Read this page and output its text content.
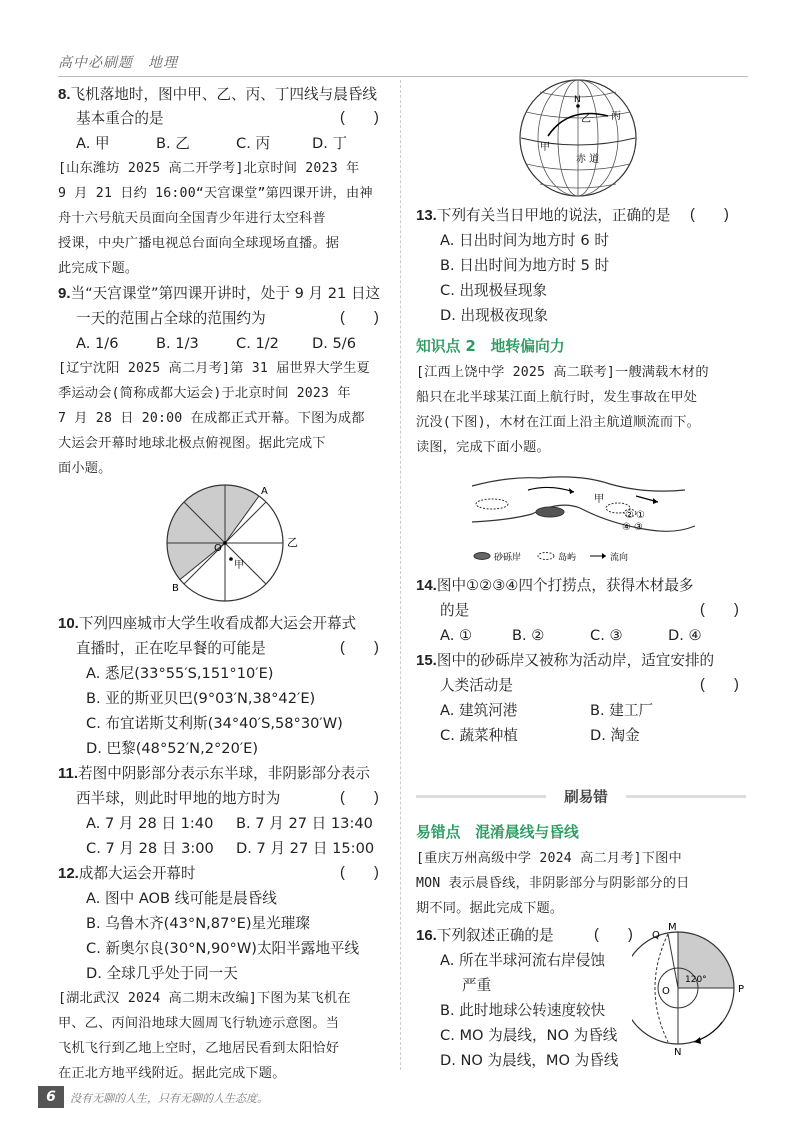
高中必刷题　地理
8.飞机落地时，图中甲、乙、丙、丁四线与晨昏线
基本重合的是	(　　)
A. 甲	B. 乙	C. 丙	D. 丁
[山东潍坊 2025 高二开学考]北京时间 2023 年
9 月 21 日约 16:00“天宫课堂”第四课开讲，由神
舟十六号航天员面向全国青少年进行太空科普
授课，中央广播电视总台面向全球现场直播。据
此完成下题。
9.当“天宫课堂”第四课开讲时，处于 9 月 21 日这
一天的范围占全球的范围约为	(　　)
A. 1/6	B. 1/3	C. 1/2 D. 5/6
[辽宁沈阳 2025 高二月考]第 31 届世界大学生夏
季运动会(简称成都大运会)于北京时间 2023 年
7 月 28 日 20:00 在成都正式开幕。下图为成都
大运会开幕时地球北极点俯视图。据此完成下
面小题。
A
B
O	乙
甲
10.下列四座城市大学生收看成都大运会开幕式
直播时，正在吃早餐的可能是	(　　)
A. 悉尼(33°55′S,151°10′E)
B. 亚的斯亚贝巴(9°03′N,38°42′E)
C. 布宜诺斯艾利斯(34°40′S,58°30′W)
D. 巴黎(48°52′N,2°20′E)
11.若图中阴影部分表示东半球，非阴影部分表示
西半球，则此时甲地的地方时为	(　　)
A. 7 月 28 日 1:40 B. 7 月 27 日 13:40
C. 7 月 28 日 3:00 D. 7 月 27 日 15:00
12.成都大运会开幕时	(　　)
A. 图中 AOB 线可能是晨昏线
B. 乌鲁木齐(43°N,87°E)星光璀璨
C. 新奥尔良(30°N,90°W)太阳半露地平线
D. 全球几乎处于同一天
[湖北武汉 2024 高二期末改编]下图为某飞机在
甲、乙、丙间沿地球大圆周飞行轨迹示意图。当
飞机飞行到乙地上空时，乙地居民看到太阳恰好
在正北方地平线附近。据此完成下题。
N
乙 丙
甲
赤 道
13.下列有关当日甲地的说法，正确的是 (　　)
A. 日出时间为地方时 6 时
B. 日出时间为地方时 5 时
C. 出现极昼现象
D. 出现极夜现象
知识点 2　地转偏向力
[江西上饶中学 2025 高二联考]一艘满载木材的
船只在北半球某江面上航行时，发生事故在甲处
沉没(下图)，木材在江面上沿主航道顺流而下。
读图，完成下面小题。
甲
①
②
③
④
砂砾岸	岛屿	流向
14.图中①②③④四个打捞点，获得木材最多
的是	(　　)
A. ①	B. ②	C. ③	D. ④
15.图中的砂砾岸又被称为活动岸，适宜安排的
人类活动是	(　　)
A. 建筑河港	B. 建工厂
C. 蔬菜种植	D. 淘金
刷易错
易错点　混淆晨线与昏线
[重庆万州高级中学 2024 高二月考]下图中
MON 表示晨昏线，非阴影部分与阴影部分的日
期不同。据此完成下题。
16.下列叙述正确的是	(　　)
A. 所在半球河流右岸侵蚀
严重
B. 此时地球公转速度较快
C. MO 为晨线，NO 为昏线
D. NO 为晨线，MO 为昏线
M
Q
O	P
N
120°
6	没有无聊的人生，只有无聊的人生态度。
